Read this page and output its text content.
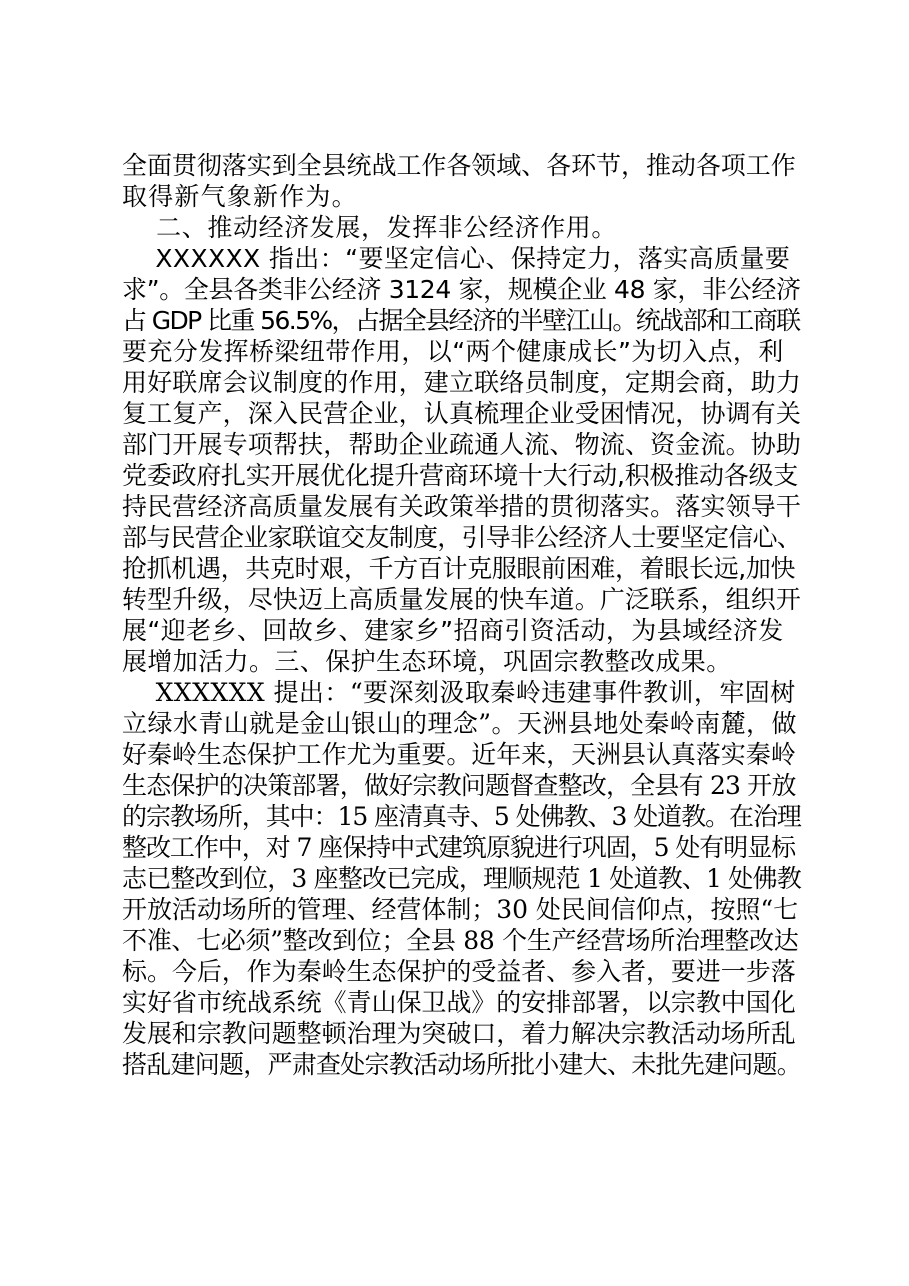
全面贯彻落实到全县统战工作各领域、各环节，推动各项工作
取得新气象新作为。
二、推动经济发展，发挥非公经济作用。
XXXXXX 指出：“要坚定信心、保持定力，落实高质量要
求”。全县各类非公经济 3124 家，规模企业 48 家，非公经济
占 GDP 比重 56.5%，占据全县经济的半壁江山。统战部和工商联
要充分发挥桥梁纽带作用，以“两个健康成长”为切入点，利
用好联席会议制度的作用，建立联络员制度，定期会商，助力
复工复产，深入民营企业，认真梳理企业受困情况，协调有关
部门开展专项帮扶，帮助企业疏通人流、物流、资金流。协助
党委政府扎实开展优化提升营商环境十大行动,积极推动各级支
持民营经济高质量发展有关政策举措的贯彻落实。落实领导干
部与民营企业家联谊交友制度，引导非公经济人士要坚定信心、
抢抓机遇，共克时艰，千方百计克服眼前困难，着眼长远,加快
转型升级，尽快迈上高质量发展的快车道。广泛联系，组织开
展“迎老乡、回故乡、建家乡”招商引资活动，为县域经济发
展增加活力。三、保护生态环境，巩固宗教整改成果。
XXXXXX 提出：“要深刻汲取秦岭违建事件教训，牢固树
立绿水青山就是金山银山的理念”。天洲县地处秦岭南麓，做
好秦岭生态保护工作尤为重要。近年来，天洲县认真落实秦岭
生态保护的决策部署，做好宗教问题督查整改，全县有 23 开放
的宗教场所，其中：15 座清真寺、5 处佛教、3 处道教。在治理
整改工作中，对 7 座保持中式建筑原貌进行巩固，5 处有明显标
志已整改到位，3 座整改已完成，理顺规范 1 处道教、1 处佛教
开放活动场所的管理、经营体制；30 处民间信仰点，按照“七
不准、七必须”整改到位；全县 88 个生产经营场所治理整改达
标。今后，作为秦岭生态保护的受益者、参入者，要进一步落
实好省市统战系统《青山保卫战》的安排部署，以宗教中国化
发展和宗教问题整顿治理为突破口，着力解决宗教活动场所乱
搭乱建问题，严肃查处宗教活动场所批小建大、未批先建问题。
